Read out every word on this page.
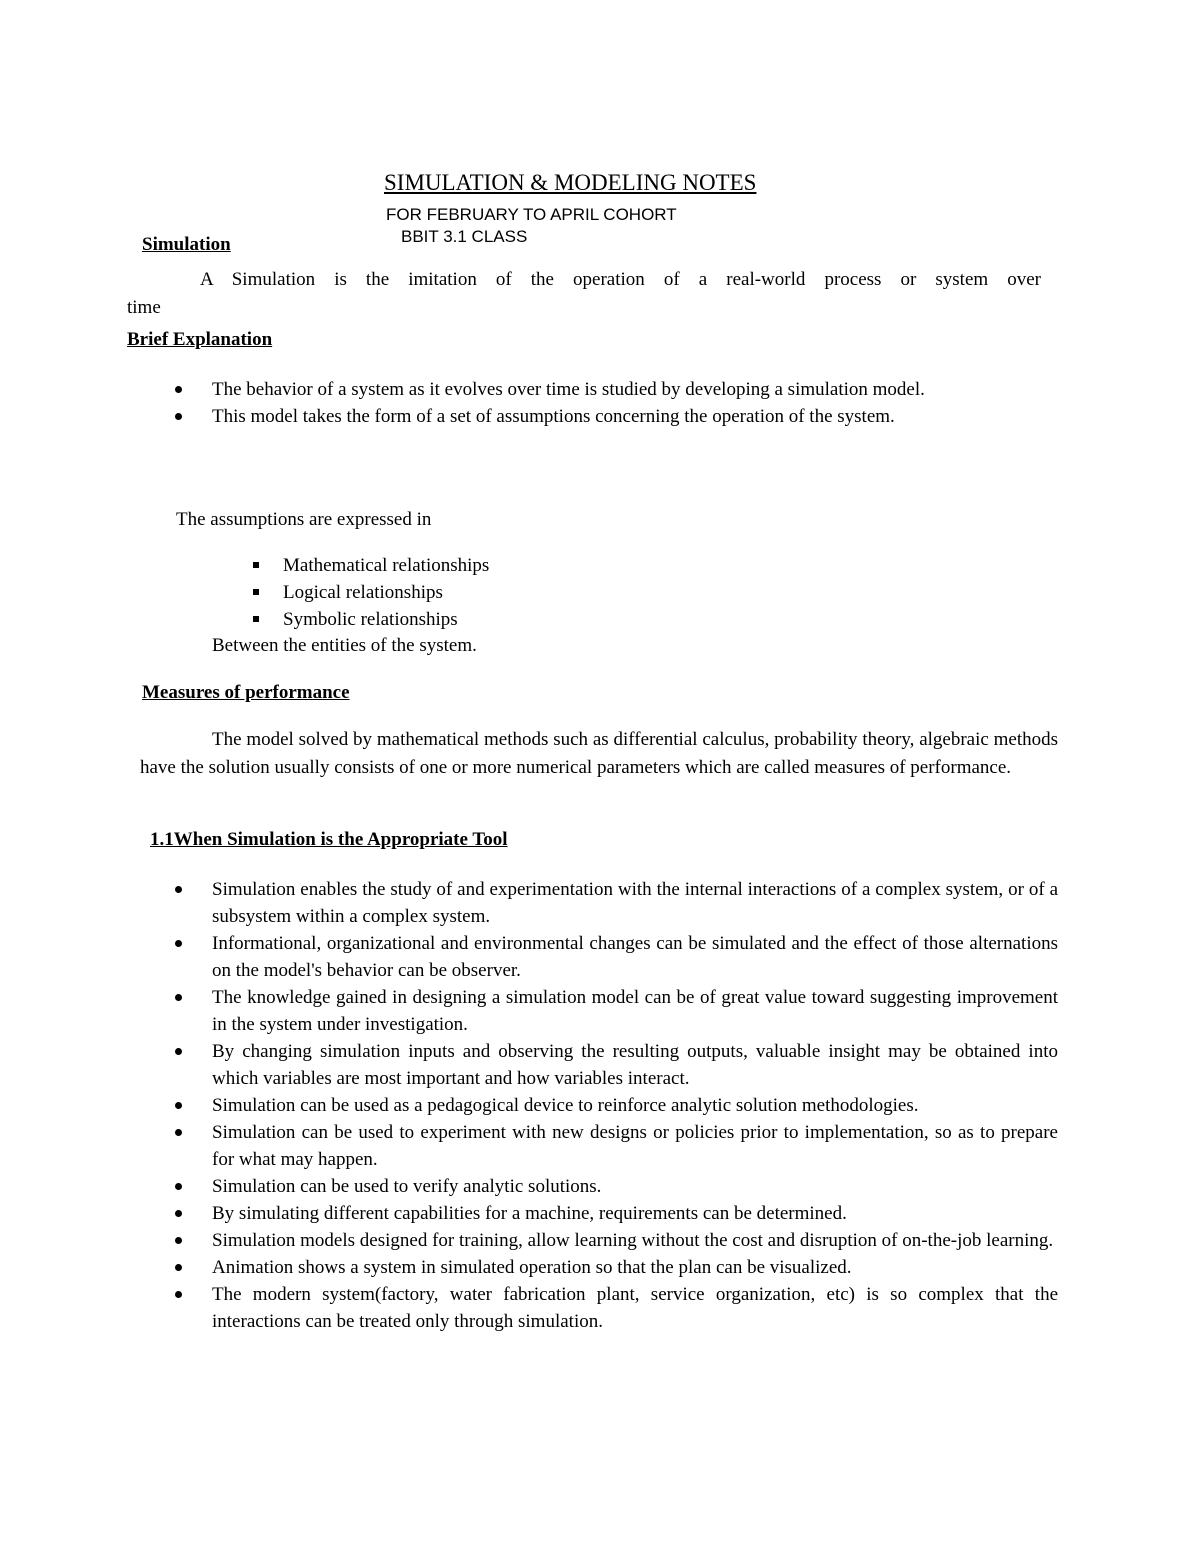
SIMULATION & MODELING NOTES
FOR FEBRUARY TO APRIL COHORT
BBIT 3.1 CLASS
Simulation
A Simulation is the imitation of the operation of a real-world process or system over
time
Brief Explanation
The behavior of a system as it evolves over time is studied by developing a simulation model.
This model takes the form of a set of assumptions concerning the operation of the system.
The assumptions are expressed in
Mathematical relationships
Logical relationships
Symbolic relationships
Between the entities of the system.
Measures of performance
The model solved by mathematical methods such as differential calculus, probability theory, algebraic methods have the solution usually consists of one or more numerical parameters which are called measures of performance.
1.1When Simulation is the Appropriate Tool
Simulation enables the study of and experimentation with the internal interactions of a complex system, or of a subsystem within a complex system.
Informational, organizational and environmental changes can be simulated and the effect of those alternations on the model's behavior can be observer.
The knowledge gained in designing a simulation model can be of great value toward suggesting improvement in the system under investigation.
By changing simulation inputs and observing the resulting outputs, valuable insight may be obtained into which variables are most important and how variables interact.
Simulation can be used as a pedagogical device to reinforce analytic solution methodologies.
Simulation can be used to experiment with new designs or policies prior to implementation, so as to prepare for what may happen.
Simulation can be used to verify analytic solutions.
By simulating different capabilities for a machine, requirements can be determined.
Simulation models designed for training, allow learning without the cost and disruption of on-the-job learning.
Animation shows a system in simulated operation so that the plan can be visualized.
The modern system(factory, water fabrication plant, service organization, etc) is so complex that the interactions can be treated only through simulation.
